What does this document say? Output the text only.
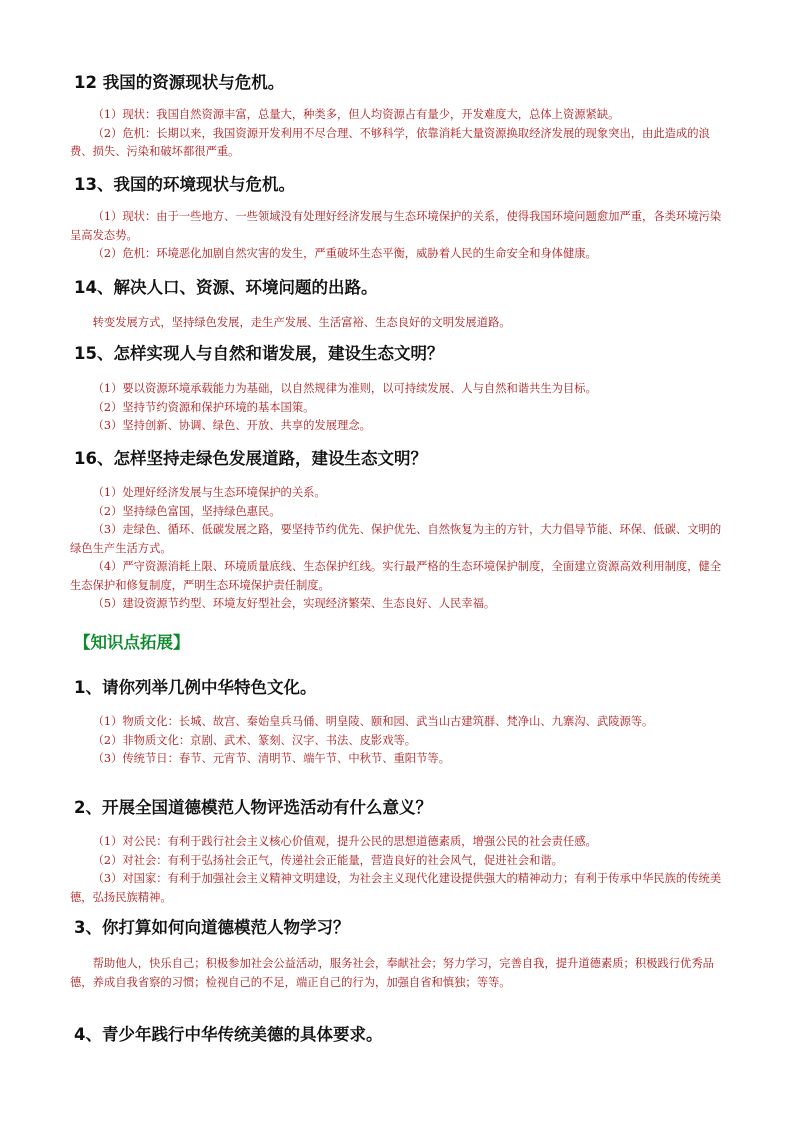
12 我国的资源现状与危机。

（1）现状：我国自然资源丰富，总量大，种类多，但人均资源占有量少，开发难度大，总体上资源紧缺。

（2）危机：长期以来，我国资源开发利用不尽合理、不够科学，依靠消耗大量资源换取经济发展的现象突出，由此造成的浪费、损失、污染和破坏都很严重。

13、我国的环境现状与危机。

（1）现状：由于一些地方、一些领域没有处理好经济发展与生态环境保护的关系，使得我国环境问题愈加严重，各类环境污染呈高发态势。

（2）危机：环境恶化加剧自然灾害的发生，严重破坏生态平衡，威胁着人民的生命安全和身体健康。

14、解决人口、资源、环境问题的出路。

转变发展方式，坚持绿色发展，走生产发展、生活富裕、生态良好的文明发展道路。

15、怎样实现人与自然和谐发展，建设生态文明？

（1）要以资源环境承载能力为基础，以自然规律为准则，以可持续发展、人与自然和谐共生为目标。

（2）坚持节约资源和保护环境的基本国策。

（3）坚持创新、协调、绿色、开放、共享的发展理念。

16、怎样坚持走绿色发展道路，建设生态文明？

（1）处理好经济发展与生态环境保护的关系。

（2）坚持绿色富国，坚持绿色惠民。

（3）走绿色、循环、低碳发展之路，要坚持节约优先、保护优先、自然恢复为主的方针，大力倡导节能、环保、低碳、文明的绿色生产生活方式。

（4）严守资源消耗上限、环境质量底线、生态保护红线。实行最严格的生态环境保护制度，全面建立资源高效利用制度，健全生态保护和修复制度，严明生态环境保护责任制度。

（5）建设资源节约型、环境友好型社会，实现经济繁荣、生态良好、人民幸福。

【知识点拓展】
1、请你列举几例中华特色文化。

（1）物质文化：长城、故宫、秦始皇兵马俑、明皇陵、颐和园、武当山古建筑群、梵净山、九寨沟、武陵源等。

（2）非物质文化：京剧、武术、篆刻、汉字、书法、皮影戏等。

（3）传统节日：春节、元宵节、清明节、端午节、中秋节、重阳节等。

2、开展全国道德模范人物评选活动有什么意义？

（1）对公民：有利于践行社会主义核心价值观，提升公民的思想道德素质，增强公民的社会责任感。

（2）对社会：有利于弘扬社会正气，传递社会正能量，营造良好的社会风气，促进社会和谐。

（3）对国家：有利于加强社会主义精神文明建设，为社会主义现代化建设提供强大的精神动力；有利于传承中华民族的传统美德，弘扬民族精神。

3、你打算如何向道德模范人物学习？

帮助他人，快乐自己；积极参加社会公益活动，服务社会，奉献社会；努力学习，完善自我，提升道德素质；积极践行优秀品德，养成自我省察的习惯；检视自己的不足，端正自己的行为，加强自省和慎独；等等。

4、青少年践行中华传统美德的具体要求。
